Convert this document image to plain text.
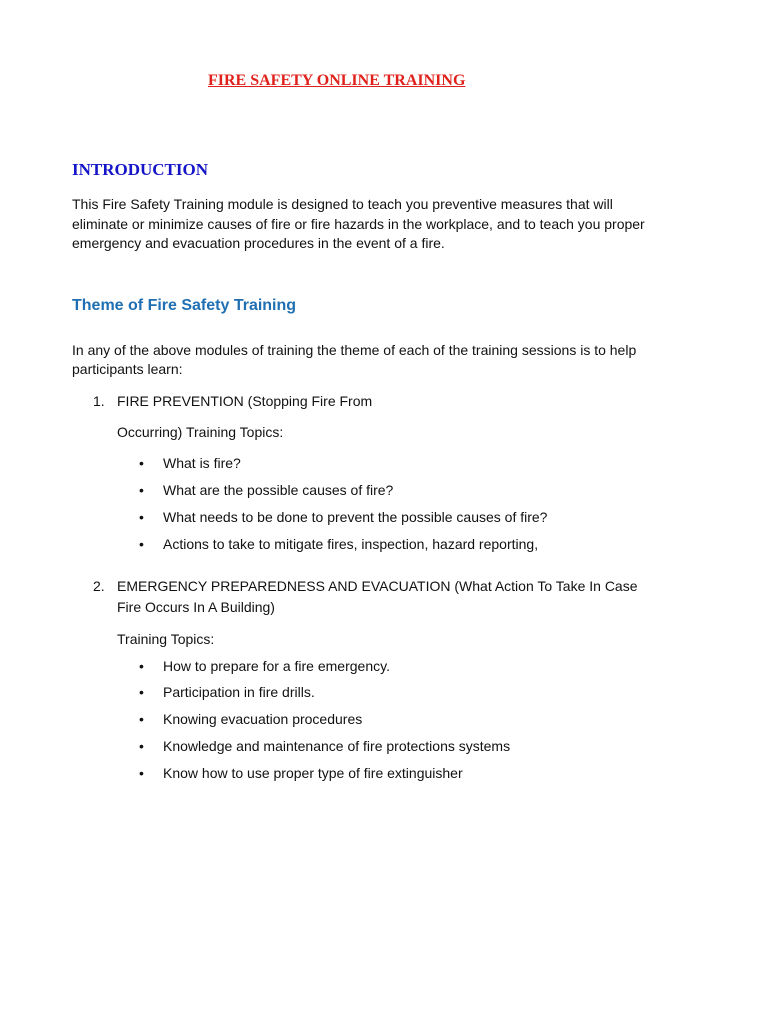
FIRE SAFETY ONLINE TRAINING
INTRODUCTION
This Fire Safety Training module is designed to teach you preventive measures that will
eliminate or minimize causes of fire or fire hazards in the workplace, and to teach you proper
emergency and evacuation procedures in the event of a fire.
Theme of Fire Safety Training
In any of the above modules of training the theme of each of the training sessions is to help
participants learn:
1. FIRE PREVENTION (Stopping Fire From
Occurring) Training Topics:
• What is fire?
• What are the possible causes of fire?
• What needs to be done to prevent the possible causes of fire?
• Actions to take to mitigate fires, inspection, hazard reporting,
2. EMERGENCY PREPAREDNESS AND EVACUATION (What Action To Take In Case
Fire Occurs In A Building)
Training Topics:
• How to prepare for a fire emergency.
• Participation in fire drills.
• Knowing evacuation procedures
• Knowledge and maintenance of fire protections systems
• Know how to use proper type of fire extinguisher
